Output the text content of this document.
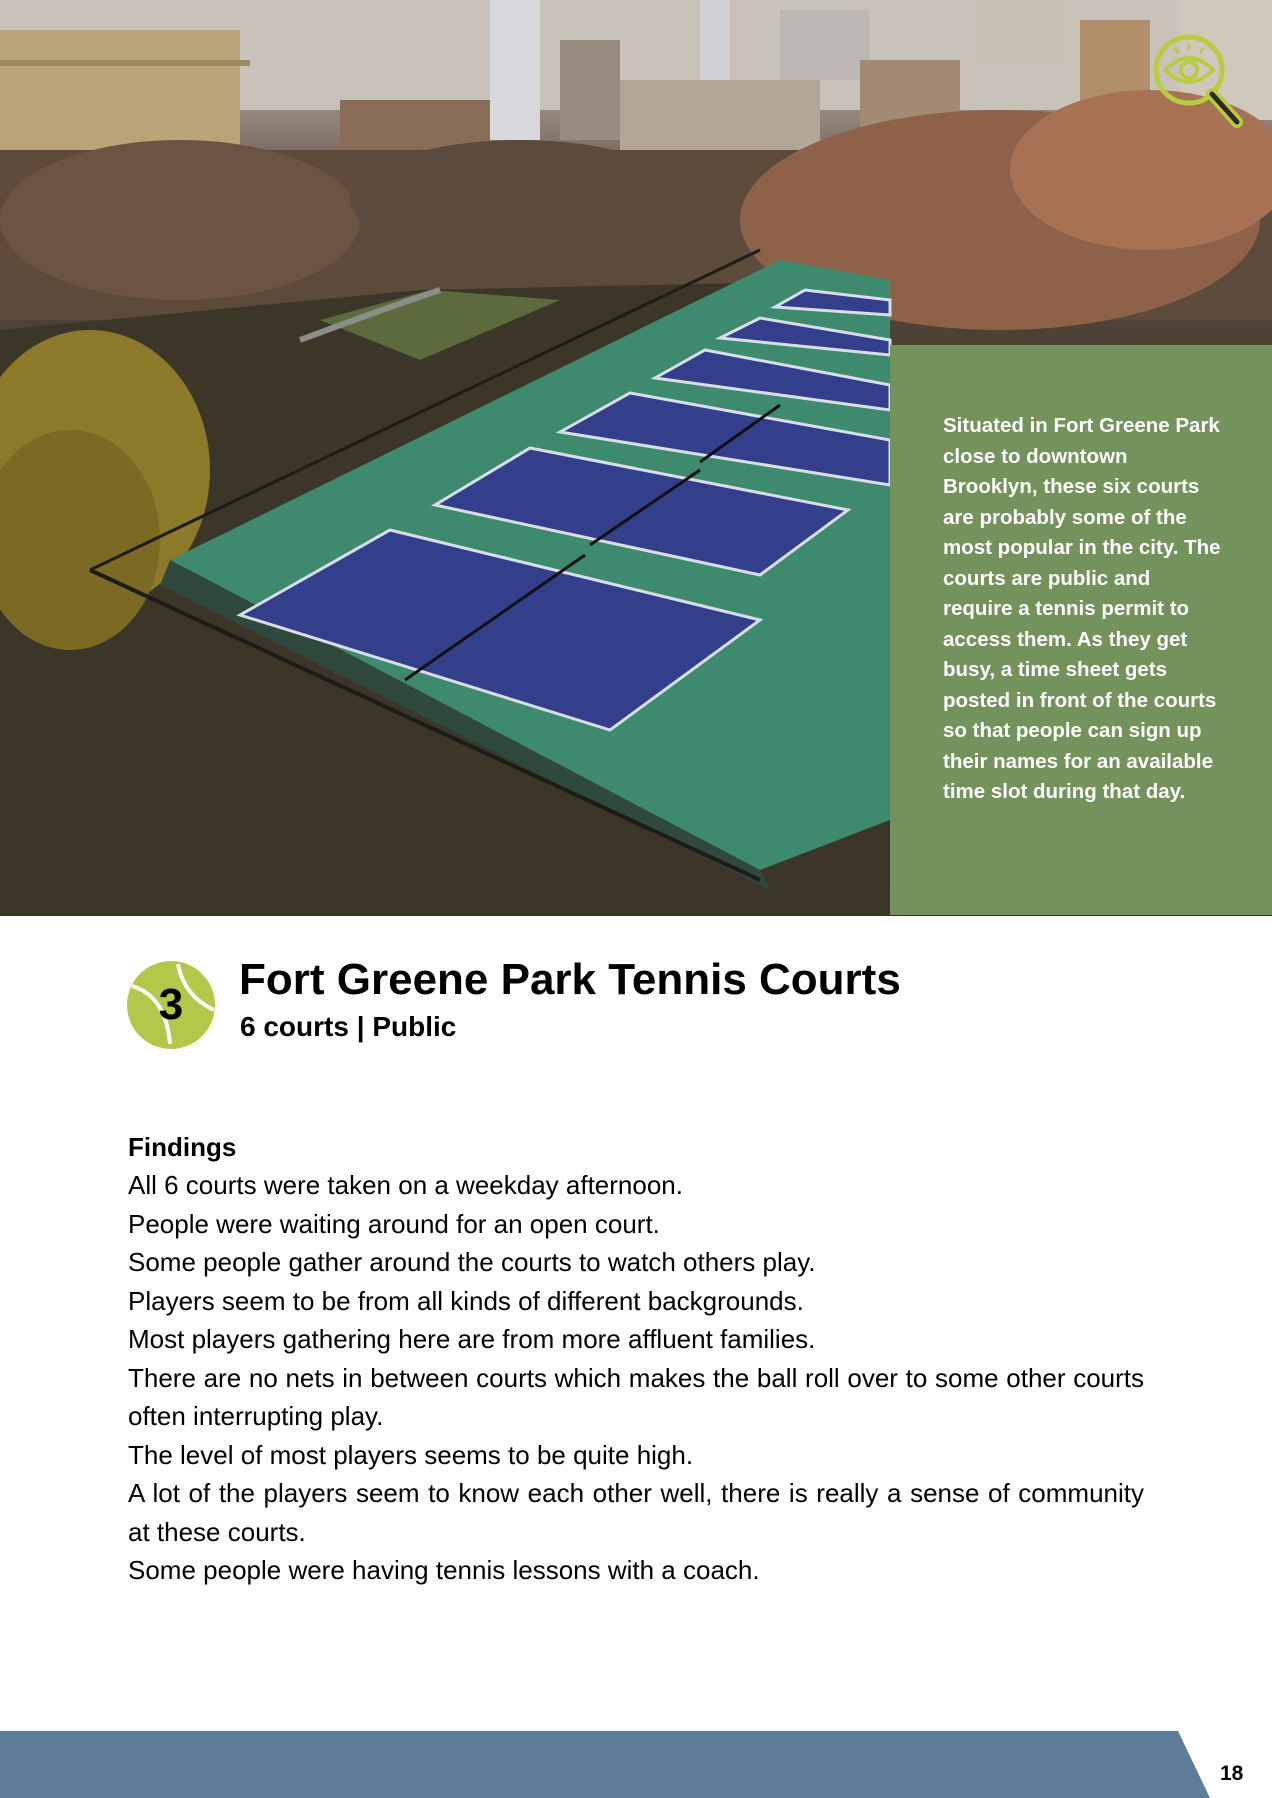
Situated in Fort Greene Park close to downtown Brooklyn, these six courts are probably some of the most popular in the city. The courts are public and require a tennis permit to access them. As they get busy, a time sheet gets posted in front of the courts so that people can sign up their names for an available time slot during that day.

3
Fort Greene Park Tennis Courts

6 courts | Public

Findings

All 6 courts were taken on a weekday afternoon.
People were waiting around for an open court.
Some people gather around the courts to watch others play.
Players seem to be from all kinds of different backgrounds.
Most players gathering here are from more affluent families.
There are no nets in between courts which makes the ball roll over to some other courts often interrupting play.
The level of most players seems to be quite high.
A lot of the players seem to know each other well, there is really a sense of community at these courts.
Some people were having tennis lessons with a coach.
18
